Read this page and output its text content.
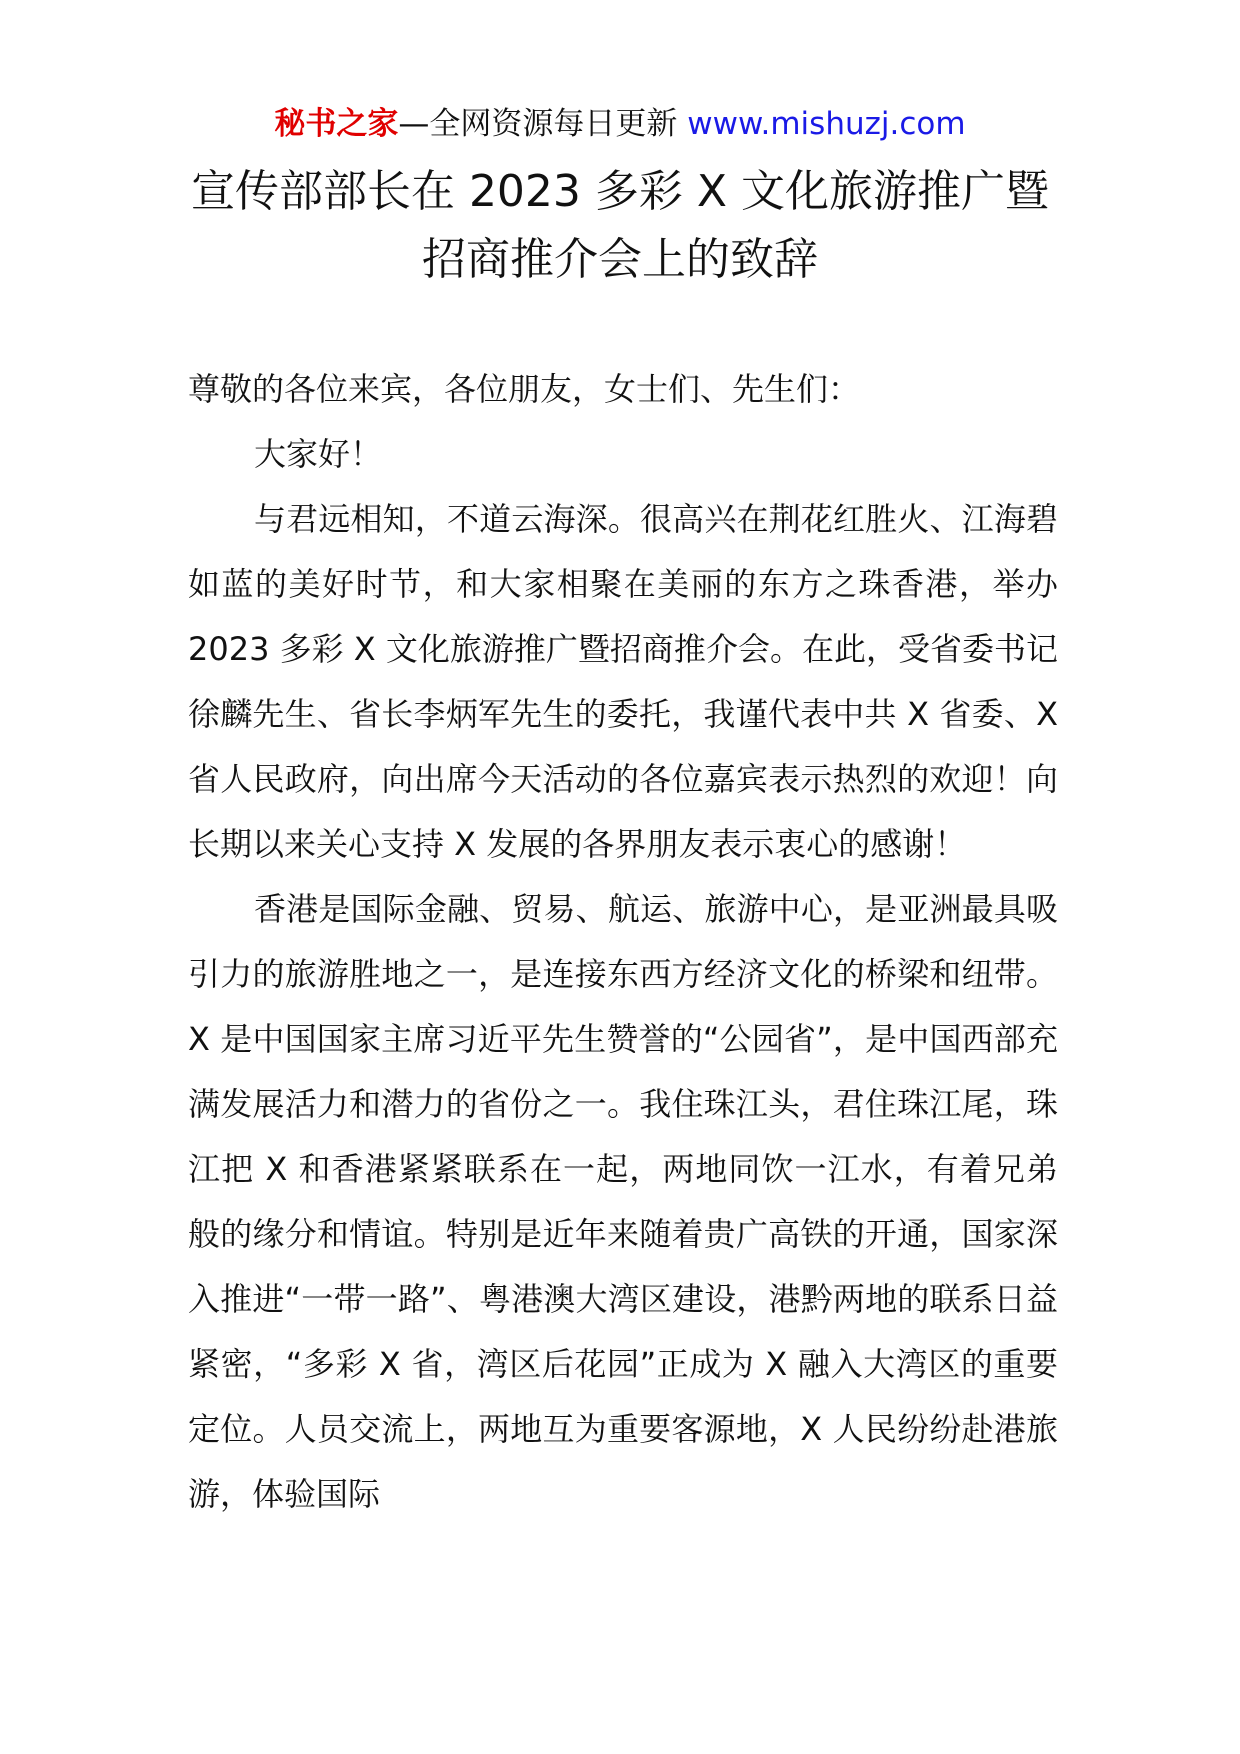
秘书之家—全网资源每日更新 www.mishuzj.com
宣传部部长在 2023 多彩 X 文化旅游推广暨
招商推介会上的致辞

尊敬的各位来宾，各位朋友，女士们、先生们：

大家好！

与君远相知，不道云海深。很高兴在荆花红胜火、江海碧如蓝的美好时节，和大家相聚在美丽的东方之珠香港，举办 2023 多彩 X 文化旅游推广暨招商推介会。在此，受省委书记徐麟先生、省长李炳军先生的委托，我谨代表中共 X 省委、X 省人民政府，向出席今天活动的各位嘉宾表示热烈的欢迎！向长期以来关心支持 X 发展的各界朋友表示衷心的感谢！

香港是国际金融、贸易、航运、旅游中心，是亚洲最具吸引力的旅游胜地之一，是连接东西方经济文化的桥梁和纽带。X 是中国国家主席习近平先生赞誉的“公园省”，是中国西部充满发展活力和潜力的省份之一。我住珠江头，君住珠江尾，珠江把 X 和香港紧紧联系在一起，两地同饮一江水，有着兄弟般的缘分和情谊。特别是近年来随着贵广高铁的开通，国家深入推进“一带一路”、粤港澳大湾区建设，港黔两地的联系日益紧密，“多彩 X 省，湾区后花园”正成为 X 融入大湾区的重要定位。人员交流上，两地互为重要客源地，X 人民纷纷赴港旅游，体验国际
